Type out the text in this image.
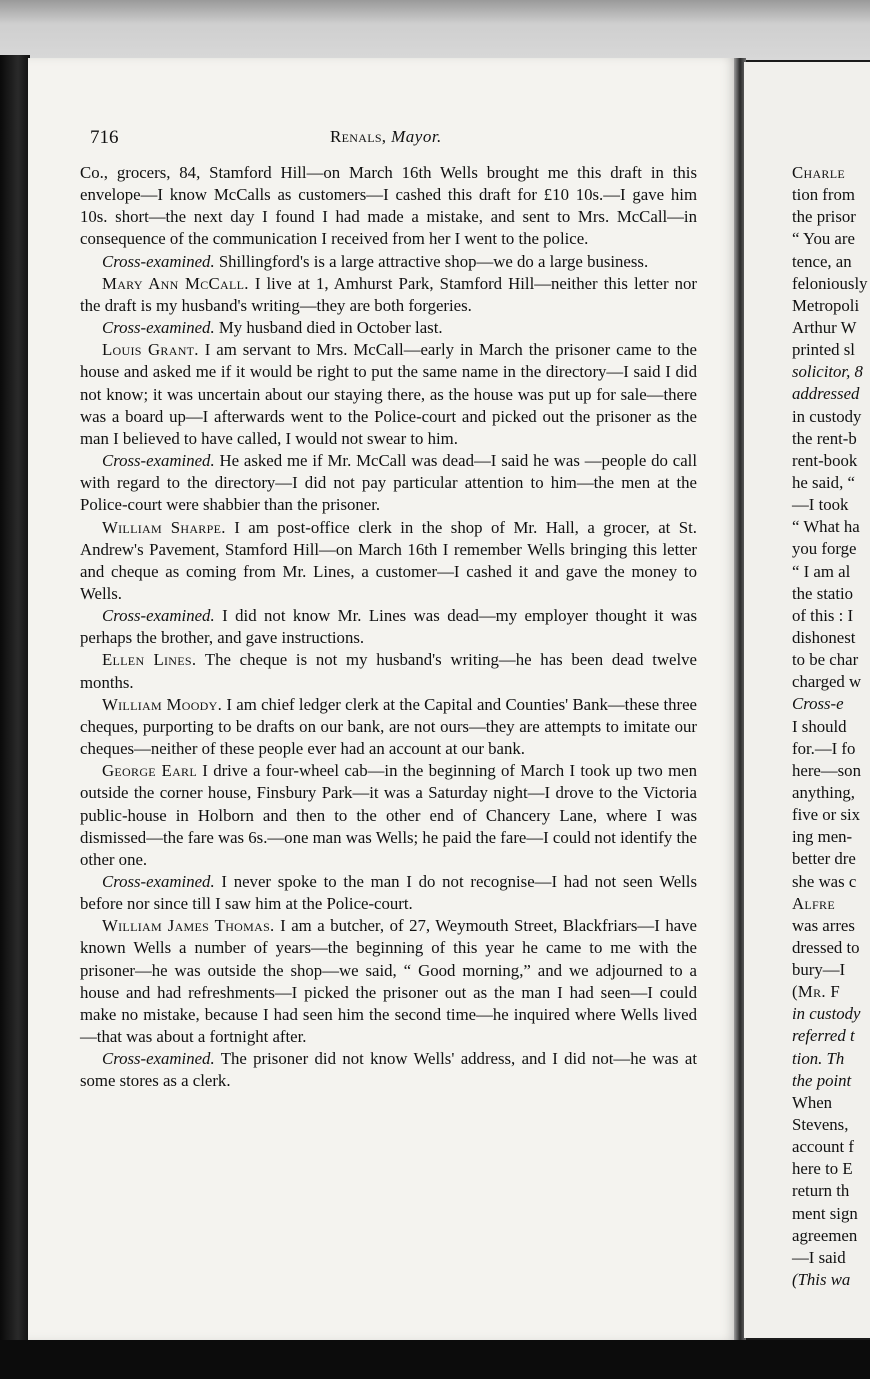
716	Renals, Mayor.

Co., grocers, 84, Stamford Hill—on March 16th Wells brought me this draft in this envelope—I know McCalls as customers—I cashed this draft for £10 10s.—I gave him 10s. short—the next day I found I had made a mistake, and sent to Mrs. McCall—in consequence of the communication I received from her I went to the police.

Cross-examined. Shillingford's is a large attractive shop—we do a large business.

Mary Ann McCall. I live at 1, Amhurst Park, Stamford Hill—neither this letter nor the draft is my husband's writing—they are both forgeries.

Cross-examined. My husband died in October last.

Louis Grant. I am servant to Mrs. McCall—early in March the prisoner came to the house and asked me if it would be right to put the same name in the directory—I said I did not know; it was uncertain about our staying there, as the house was put up for sale—there was a board up—I afterwards went to the Police-court and picked out the prisoner as the man I believed to have called, I would not swear to him.

Cross-examined. He asked me if Mr. McCall was dead—I said he was —people do call with regard to the directory—I did not pay particular attention to him—the men at the Police-court were shabbier than the prisoner.

William Sharpe. I am post-office clerk in the shop of Mr. Hall, a grocer, at St. Andrew's Pavement, Stamford Hill—on March 16th I remember Wells bringing this letter and cheque as coming from Mr. Lines, a customer—I cashed it and gave the money to Wells.

Cross-examined. I did not know Mr. Lines was dead—my employer thought it was perhaps the brother, and gave instructions.

Ellen Lines. The cheque is not my husband's writing—he has been dead twelve months.

William Moody. I am chief ledger clerk at the Capital and Counties' Bank—these three cheques, purporting to be drafts on our bank, are not ours—they are attempts to imitate our cheques—neither of these people ever had an account at our bank.

George Earl I drive a four-wheel cab—in the beginning of March I took up two men outside the corner house, Finsbury Park—it was a Saturday night—I drove to the Victoria public-house in Holborn and then to the other end of Chancery Lane, where I was dismissed—the fare was 6s.—one man was Wells; he paid the fare—I could not identify the other one.

Cross-examined. I never spoke to the man I do not recognise—I had not seen Wells before nor since till I saw him at the Police-court.

William James Thomas. I am a butcher, of 27, Weymouth Street, Blackfriars—I have known Wells a number of years—the beginning of this year he came to me with the prisoner—he was outside the shop—we said, “ Good morning,” and we adjourned to a house and had refreshments—I picked the prisoner out as the man I had seen—I could make no mistake, because I had seen him the second time—he inquired where Wells lived —that was about a fortnight after.

Cross-examined. The prisoner did not know Wells' address, and I did not—he was at some stores as a clerk.

Charle
tion from
the prisor
“ You are
tence, an
feloniously
Metropoli
Arthur W
printed sl
solicitor, 8
addressed
in custody
the rent-b
rent-book
he said, “
—I took
“ What ha
you forge
“ I am al
the statio
of this : I
dishonest
to be char
charged w
Cross-e
I should
for.—I fo
here—son
anything,
five or six
ing men-
better dre
she was c
Alfre
was arres
dressed to
bury—I
(Mr. F
in custody
referred t
tion. Th
the point
When
Stevens,
account f
here to E
return th
ment sign
agreemen
—I said
(This wa
